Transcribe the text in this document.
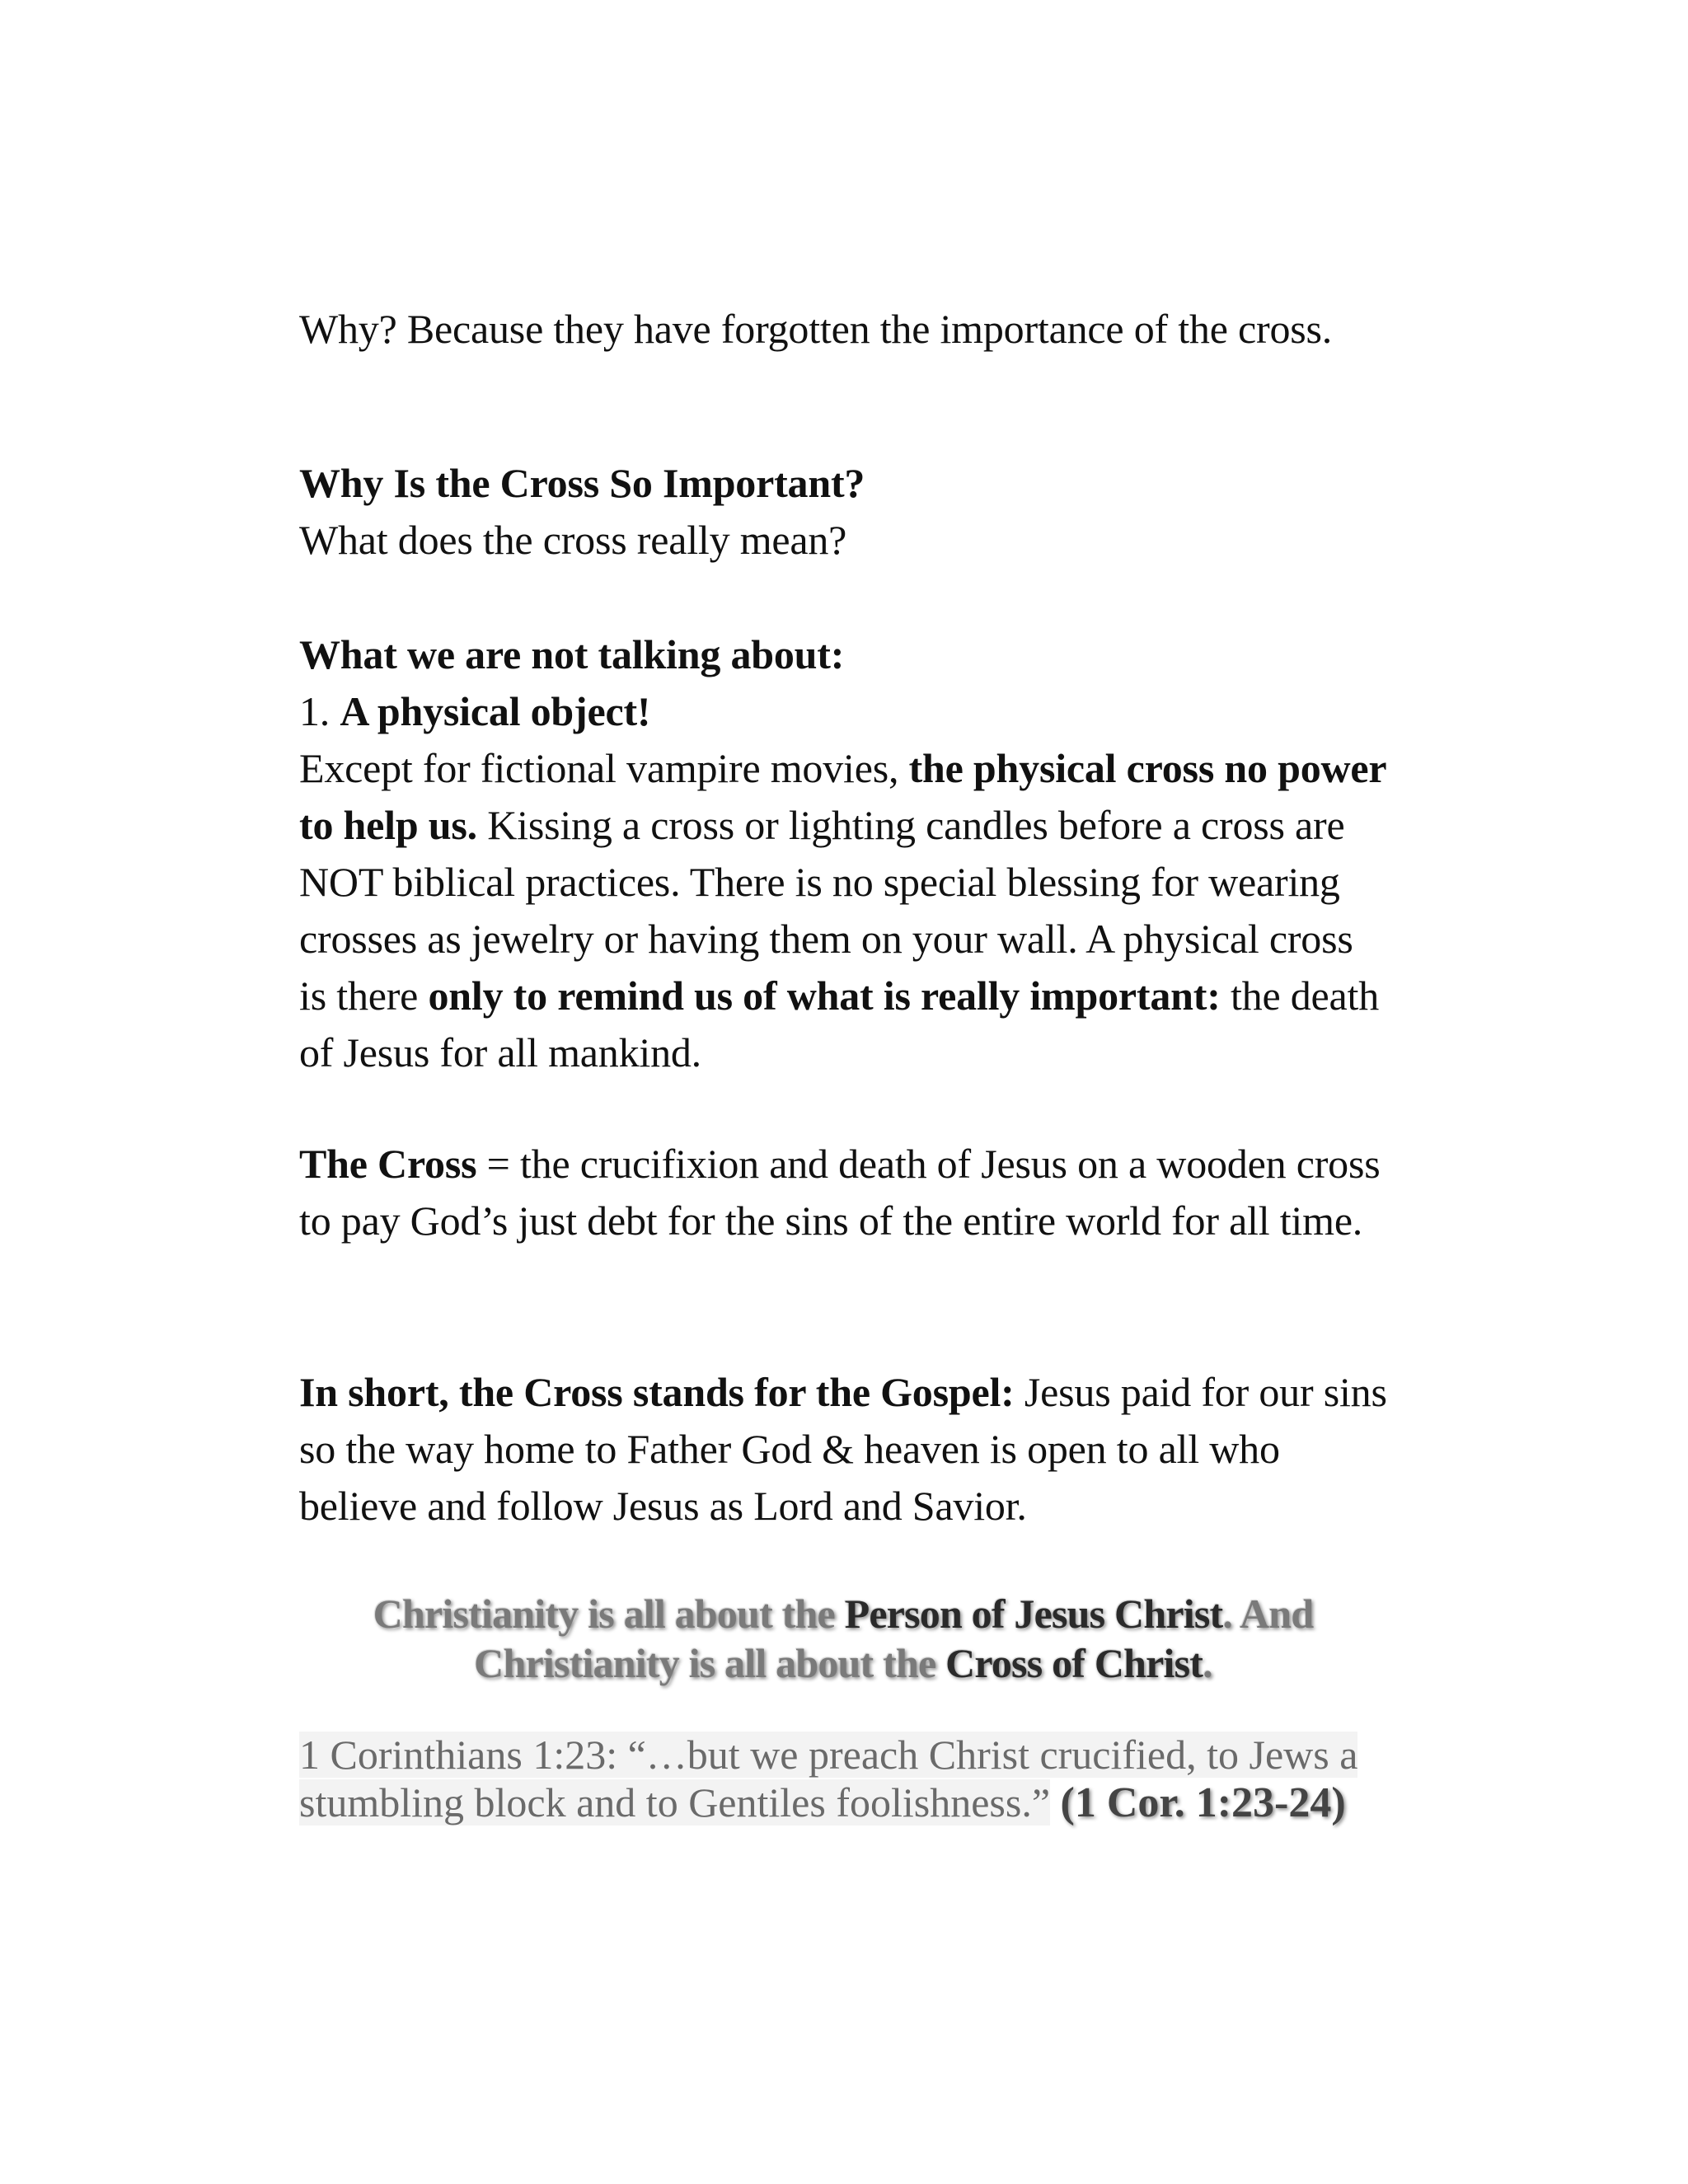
Why? Because they have forgotten the importance of the cross.
Why Is the Cross So Important?
What does the cross really mean?
What we are not talking about:
1. A physical object!
Except for fictional vampire movies, the physical cross no power to help us. Kissing a cross or lighting candles before a cross are NOT biblical practices. There is no special blessing for wearing crosses as jewelry or having them on your wall. A physical cross is there only to remind us of what is really important: the death of Jesus for all mankind.
The Cross = the crucifixion and death of Jesus on a wooden cross to pay God’s just debt for the sins of the entire world for all time.
In short, the Cross stands for the Gospel: Jesus paid for our sins so the way home to Father God & heaven is open to all who believe and follow Jesus as Lord and Savior.
Christianity is all about the Person of Jesus Christ. And
Christianity is all about the Cross of Christ.
1 Corinthians 1:23: “…but we preach Christ crucified, to Jews a stumbling block and to Gentiles foolishness.” (1 Cor. 1:23-24)
